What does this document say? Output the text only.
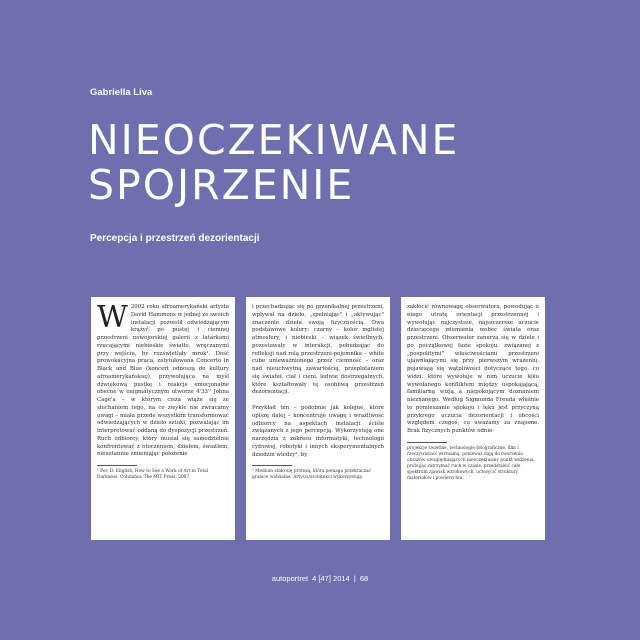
Gabriella Liva
NIEOCZEKIWANE
SPOJRZENIE
Percepcja i przestrzeń dezorientacji

W 2002 roku afroamerykański artysta David Hammons w jednej ze swoich instalacji pozwolił odwiedzającym krążyć po pustej i ciemnej przestrzeni nowojorskiej galerii z latarkami rzucającymi niebieskie światło, wręczanymi przy wejściu, by rozświetlały mrok¹. Dość prowokacyjna praca, zatytułowana Concerto in Black and Blue (koncert odnoszą do kultury afroamerykańskiej), przywołująca na myśl dźwiękową pustkę i reakcje emocjonalne obecne w enigmatycznym utworze 4'33'' Johna Cage'a – w którym cisza wiąże się ze słuchaniem tego, na co zwykle nie zwracamy uwagi – miała przede wszystkim transformować odwiedzających w dzieło sztuki, pozwalając im interpretować oddaną do dyspozycji przestrzeń. Ruch odbiorcy, który musiał się samodzielnie konfrontować z otoczeniem, dziełem, światłem, nieustannie zmieniając położenie

¹ Por. D. English, How to See a Work of Art in Total Darkness, Columbia: The MIT Press, 2007.

i przechadzając się po przenikalnej przestrzeni, wpływał na dzieło, „spełniając" i „aktywując" znaczenie dzieła swoją fizycznością. Dwa podstawowe kolory: czarny – kolor mglistej atmosfery, i niebieski – wiązek świetlnych, pozostawały w interakcji, pobudzając do refleksji nad rolą przestrzeni-pojemnika – white cube unieważnionego przez ciemność – oraz nad nieuchwytną zawartością, przeplataniem się świateł, ciał i cieni, ledwie dostrzegalnych, które kształtowały tę osobliwą przestrzeń dezorientacji.

Przykład ten – podobnie jak kolejne, które opiszę dalej – koncentruje uwagę i wrażliwość odbiorcy na aspektach instalacji ściśle związanych z jego percepcją. Wykorzystują one narzędzia z zakresu informatyki, technologii cyfrowej, robotyki i innych eksperymentalnych dziedzin wiedzy², by

² Medium stało się protezą, która pomaga przekraczać granice widzialne. Artyści/architekci wykorzystują

zakłócić równowagę obserwatora, powodując u niego utratę orientacji przestrzennej i wywołując najczystsze, najszczersze uczucie dziecięcego zdumienia wobec świata oraz przestrzeni. Obserwator zanurza się w dziele i po początkowej fazie spokoju, związanej z „pospolitymi" właściwościami przestrzeni ujawniającymi się przy pierwszym wrażeniu, pojawiają się wątpliwości dotyczące tego, co widzi, które wywołuje w nim uczucie lęku wywołanego konfliktem między uspokajającą, familiarną wizją a niepokojącym doznaniem nieznanego. Według Sigmunda Freuda właśnie to pomieszanie spokoju i lęku jest przyczyną przykrego uczucia dezorientacji i obcości względem czegoś, co uważamy za znajome. Brak fizycznych punktów odnie-

projekcje świetlne, technologie fotograficzne, film i rzeczywistość wirtualną, ponieważ dają do tworzenia obrazów uwzględniających nieoczekiwany punkt widzenia, próbując zatrzymać ruch w czasie, przedstawić całe spektrum zjawisk wzrokowych, uchwycić struktury materiałów i powierzchni.

autoportret 4 [47] 2014 | 68
